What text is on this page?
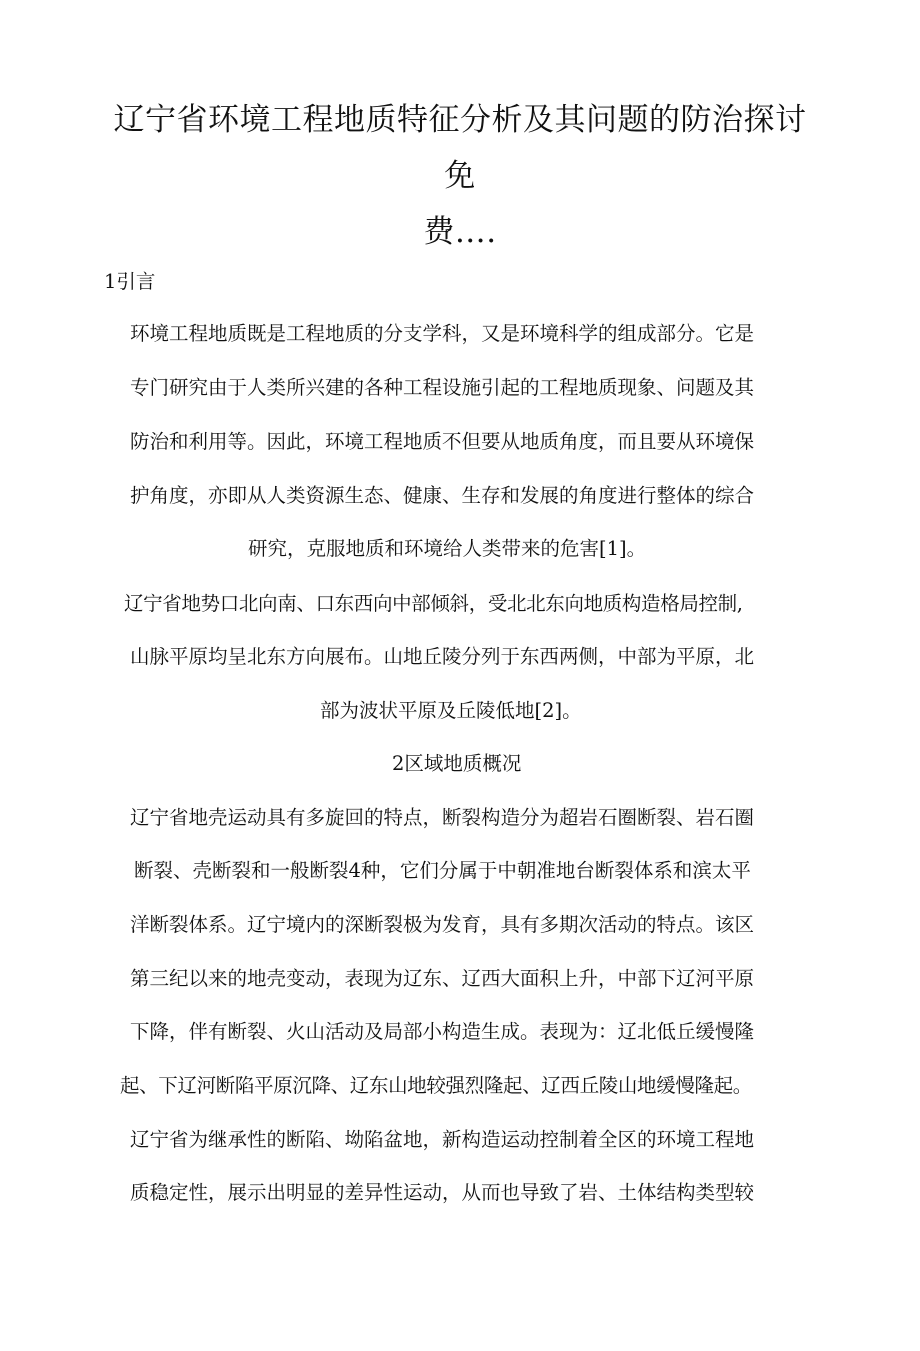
辽宁省环境工程地质特征分析及其问题的防治探讨免
费….
1引言
环境工程地质既是工程地质的分支学科，又是环境科学的组成部分。它是
专门研究由于人类所兴建的各种工程设施引起的工程地质现象、问题及其
防治和利用等。因此，环境工程地质不但要从地质角度，而且要从环境保
护角度，亦即从人类资源生态、健康、生存和发展的角度进行整体的综合
研究，克服地质和环境给人类带来的危害[1]。
辽宁省地势口北向南、口东西向中部倾斜，受北北东向地质构造格局控制,
山脉平原均呈北东方向展布。山地丘陵分列于东西两侧，中部为平原，北
部为波状平原及丘陵低地[2]。
2区域地质概况
辽宁省地壳运动具有多旋回的特点，断裂构造分为超岩石圈断裂、岩石圈
断裂、壳断裂和一般断裂4种，它们分属于中朝准地台断裂体系和滨太平
洋断裂体系。辽宁境内的深断裂极为发育，具有多期次活动的特点。该区
第三纪以来的地壳变动，表现为辽东、辽西大面积上升，中部下辽河平原
下降，伴有断裂、火山活动及局部小构造生成。表现为：辽北低丘缓慢隆
起、下辽河断陷平原沉降、辽东山地较强烈隆起、辽西丘陵山地缓慢隆起。
辽宁省为继承性的断陷、坳陷盆地，新构造运动控制着全区的环境工程地
质稳定性，展示出明显的差异性运动，从而也导致了岩、土体结构类型较
